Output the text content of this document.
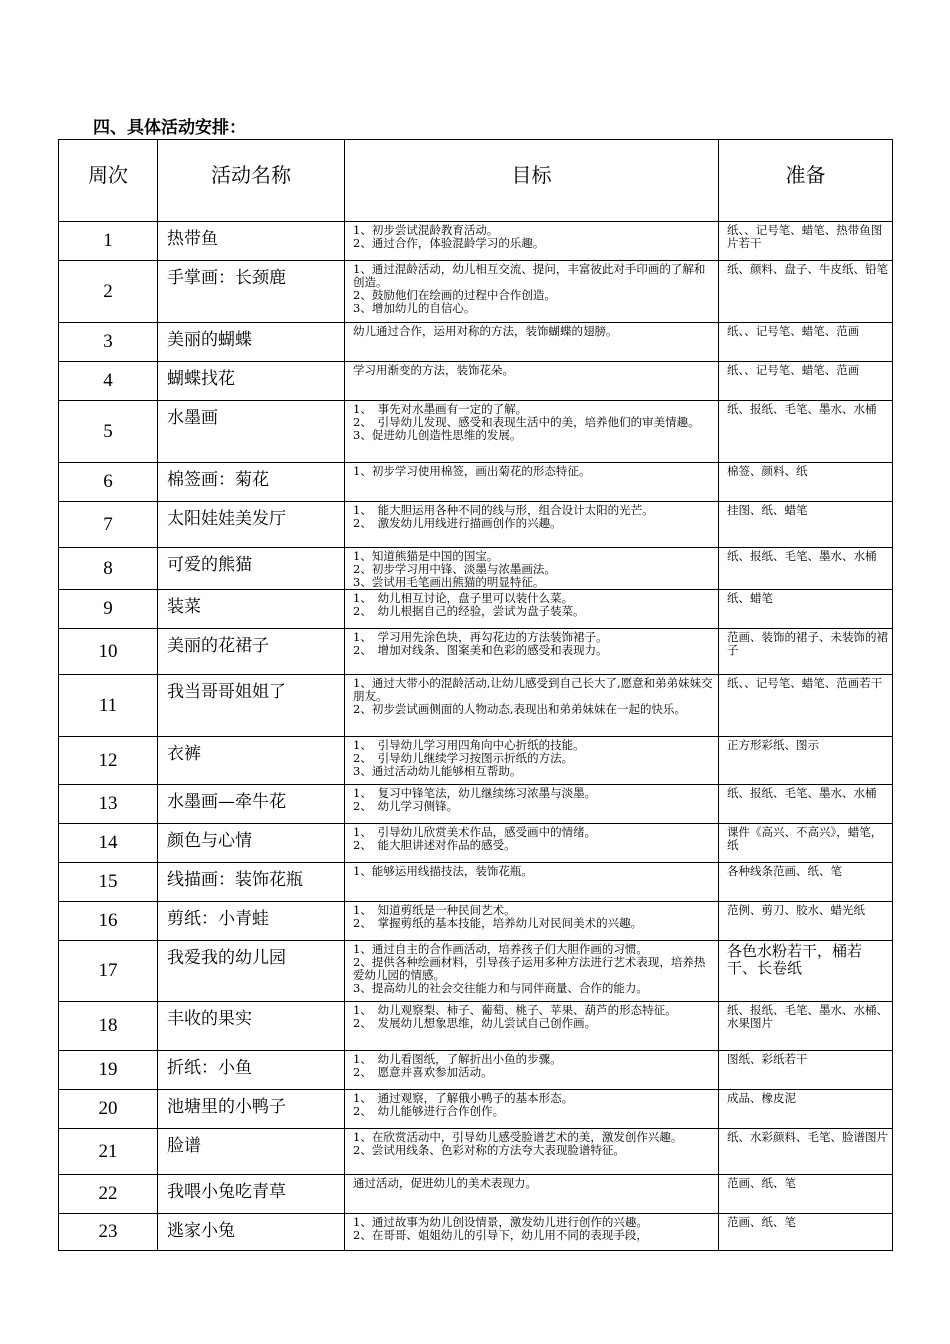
四、具体活动安排：
周次	活动名称	目标	准备

1	热带鱼	1、初步尝试混龄教育活动。
2、通过合作，体验混龄学习的乐趣。	纸、、记号笔、蜡笔、热带鱼图片若干
2	手掌画：长颈鹿	1、通过混龄活动，幼儿相互交流、提问，丰富彼此对手印画的了解和创造。
2、鼓励他们在绘画的过程中合作创造。
3、增加幼儿的自信心。	纸、颜料、盘子、牛皮纸、铅笔
3	美丽的蝴蝶	幼儿通过合作，运用对称的方法，装饰蝴蝶的翅膀。	纸、、记号笔、蜡笔、范画
4	蝴蝶找花	学习用渐变的方法，装饰花朵。	纸、、记号笔、蜡笔、范画
5	水墨画	1、　事先对水墨画有一定的了解。
2、　引导幼儿发现、感受和表现生活中的美，培养他们的审美情趣。
3、促进幼儿创造性思维的发展。	纸、报纸、毛笔、墨水、水桶
6	棉签画：菊花	1、初步学习使用棉签，画出菊花的形态特征。	棉签、颜料、纸
7	太阳娃娃美发厅	1、　能大胆运用各种不同的线与形，组合设计太阳的光芒。
2、　激发幼儿用线进行描画创作的兴趣。	挂图、纸、蜡笔
8	可爱的熊猫	1、知道熊猫是中国的国宝。
2、初步学习用中锋、淡墨与浓墨画法。
3、尝试用毛笔画出熊猫的明显特征。	纸、报纸、毛笔、墨水、水桶
9	装菜	1、　幼儿相互讨论，盘子里可以装什么菜。
2、　幼儿根据自己的经验，尝试为盘子装菜。	纸、蜡笔
10	美丽的花裙子	1、　学习用先涂色块，再勾花边的方法装饰裙子。
2、　增加对线条、图案美和色彩的感受和表现力。	范画、装饰的裙子、未装饰的裙子
11	我当哥哥姐姐了	1、通过大带小的混龄活动,让幼儿感受到自己长大了,愿意和弟弟妹妹交朋友。
2、初步尝试画侧面的人物动态,表现出和弟弟妹妹在一起的快乐。	纸、、记号笔、蜡笔、范画若干
12	衣裤	1、　引导幼儿学习用四角向中心折纸的技能。
2、　引导幼儿继续学习按图示折纸的方法。
3、通过活动幼儿能够相互帮助。	正方形彩纸、图示
13	水墨画—牵牛花	1、　复习中锋笔法，幼儿继续练习浓墨与淡墨。
2、　幼儿学习侧锋。	纸、报纸、毛笔、墨水、水桶
14	颜色与心情	1、　引导幼儿欣赏美术作品，感受画中的情绪。
2、　能大胆讲述对作品的感受。	课件《高兴、不高兴》，蜡笔，纸
15	线描画：装饰花瓶	1、能够运用线描技法，装饰花瓶。	各种线条范画、纸、笔
16	剪纸：小青蛙	1、　知道剪纸是一种民间艺术。
2、　掌握剪纸的基本技能，培养幼儿对民间美术的兴趣。	范例、剪刀、胶水、蜡光纸
17	我爱我的幼儿园	1、通过自主的合作画活动，培养孩子们大胆作画的习惯。
2、提供各种绘画材料，引导孩子运用多种方法进行艺术表现，培养热爱幼儿园的情感。
3、提高幼儿的社会交往能力和与同伴商量、合作的能力。	各色水粉若干，桶若干、长卷纸
18	丰收的果实	1、　幼儿观察梨、柿子、葡萄、桃子、苹果、葫芦的形态特征。
2、　发展幼儿想象思维，幼儿尝试自己创作画。	纸、报纸、毛笔、墨水、水桶、水果图片
19	折纸：小鱼	1、　幼儿看图纸，了解折出小鱼的步骤。
2、　愿意并喜欢参加活动。	图纸、彩纸若干
20	池塘里的小鸭子	1、　通过观察，了解俄小鸭子的基本形态。
2、　幼儿能够进行合作创作。	成品、橡皮泥
21	脸谱	1、在欣赏活动中，引导幼儿感受脸谱艺术的美，激发创作兴趣。
2、尝试用线条、色彩对称的方法夸大表现脸谱特征。	纸、水彩颜料、毛笔、脸谱图片
22	我喂小兔吃青草	通过活动，促进幼儿的美术表现力。	范画、纸、笔
23	逃家小兔	1、通过故事为幼儿创设情景，激发幼儿进行创作的兴趣。
2、在哥哥、姐姐幼儿的引导下，幼儿用不同的表现手段，	范画、纸、笔
